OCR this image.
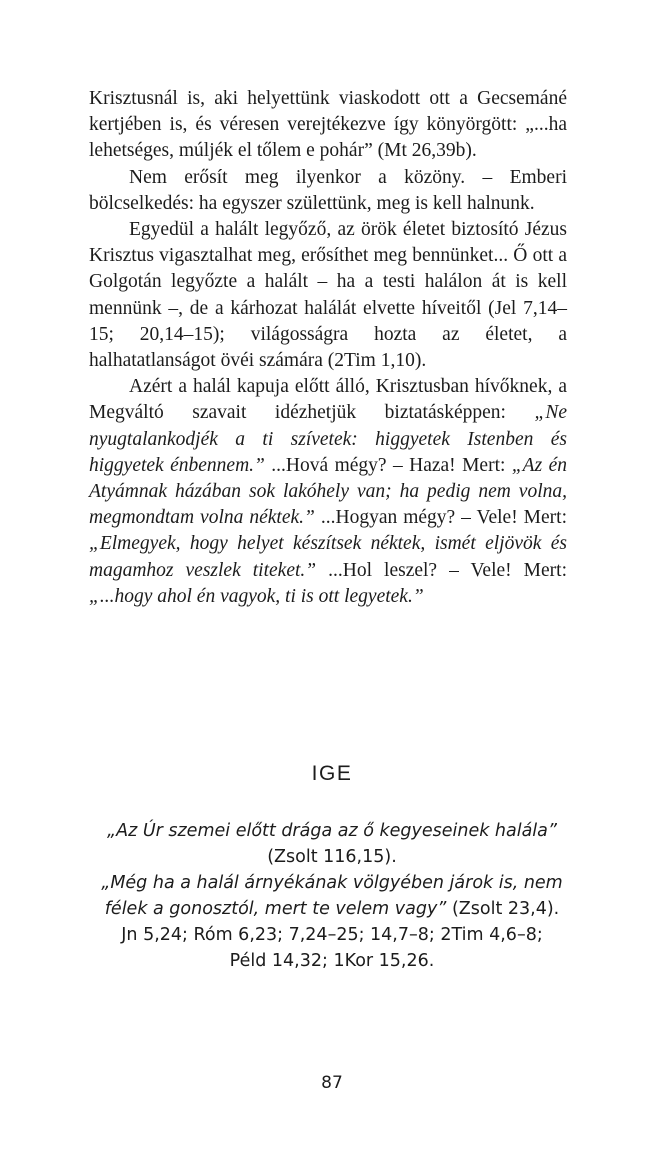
Krisztusnál is, aki helyettünk viaskodott ott a Gecsemáné kertjében is, és véresen verejtékezve így könyörgött: „...ha lehetséges, múljék el tőlem e pohár” (Mt 26,39b).

Nem erősít meg ilyenkor a közöny. – Emberi bölcselkedés: ha egyszer születtünk, meg is kell halnunk.

Egyedül a halált legyőző, az örök életet biztosító Jézus Krisztus vigasztalhat meg, erősíthet meg bennünket... Ő ott a Golgotán legyőzte a halált – ha a testi halálon át is kell mennünk –, de a kárhozat halálát elvette híveitől (Jel 7,14–15; 20,14–15); világosságra hozta az életet, a halhatatlanságot övéi számára (2Tim 1,10).

Azért a halál kapuja előtt álló, Krisztusban hívőknek, a Megváltó szavait idézhetjük biztatásképpen: „Ne nyugtalankodjék a ti szívetek: higgyetek Istenben és higgyetek énbennem.” ...Hová mégy? – Haza! Mert: „Az én Atyámnak házában sok lakóhely van; ha pedig nem volna, megmondtam volna néktek.” ...Hogyan mégy? – Vele! Mert: „Elmegyek, hogy helyet készítsek néktek, ismét eljövök és magamhoz veszlek titeket.” ...Hol leszel? – Vele! Mert: „...hogy ahol én vagyok, ti is ott legyetek.”

IGE
„Az Úr szemei előtt drága az ő kegyeseinek halála”
(Zsolt 116,15).
„Még ha a halál árnyékának völgyében járok is, nem
félek a gonosztól, mert te velem vagy” (Zsolt 23,4).
Jn 5,24; Róm 6,23; 7,24–25; 14,7–8; 2Tim 4,6–8;
Péld 14,32; 1Kor 15,26.
87
